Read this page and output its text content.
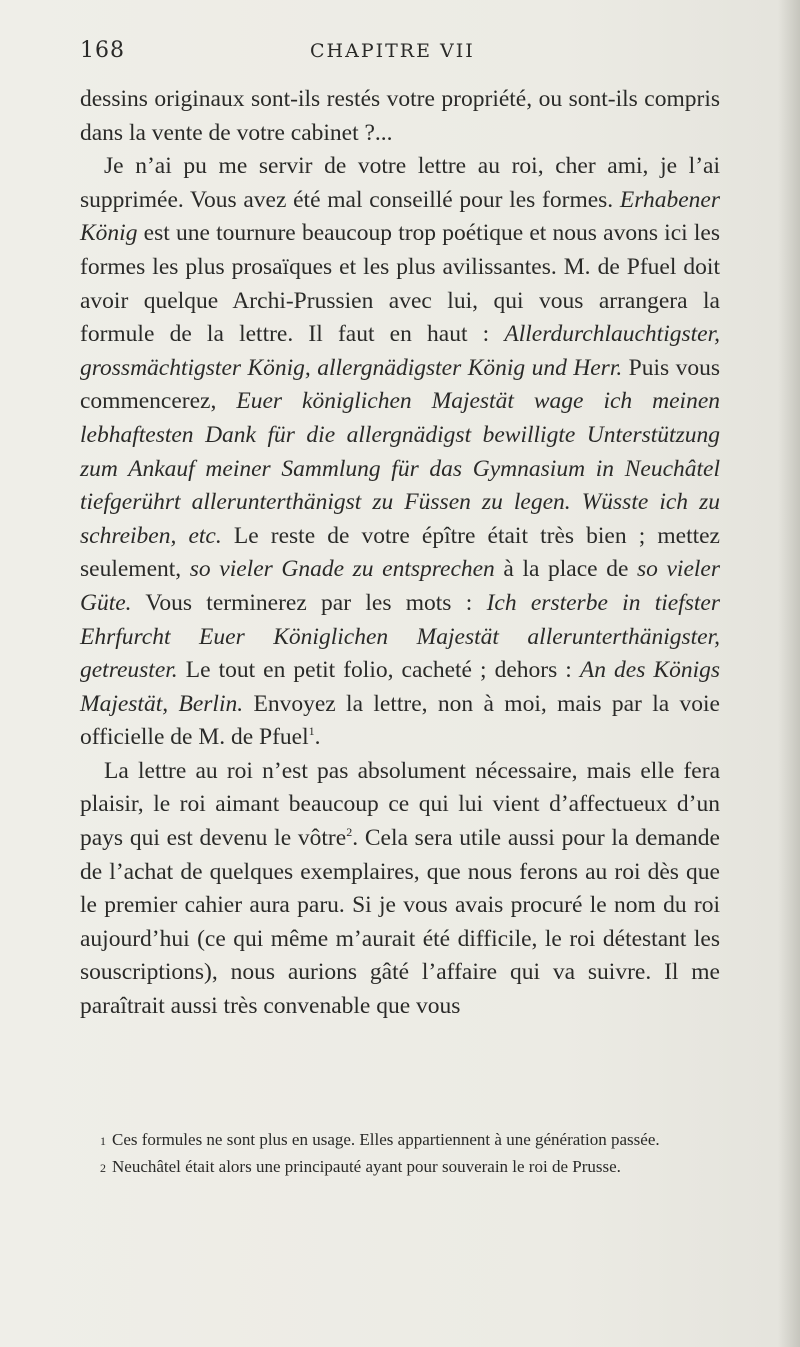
168	CHAPITRE VII

dessins originaux sont-ils restés votre propriété, ou sont-ils compris dans la vente de votre cabinet ?...

Je n’ai pu me servir de votre lettre au roi, cher ami, je l’ai supprimée. Vous avez été mal conseillé pour les formes. Erhabener König est une tournure beaucoup trop poétique et nous avons ici les formes les plus prosaïques et les plus avilissantes. M. de Pfuel doit avoir quelque Archi-Prussien avec lui, qui vous arrangera la formule de la lettre. Il faut en haut : Allerdurchlauchtigster, grossmächtigster König, allergnädigster König und Herr. Puis vous commencerez, Euer königlichen Majestät wage ich meinen lebhaftesten Dank für die allergnädigst bewilligte Unterstützung zum Ankauf meiner Sammlung für das Gymnasium in Neuchâtel tiefgerührt allerunterthänigst zu Füssen zu legen. Wüsste ich zu schreiben, etc. Le reste de votre épître était très bien ; mettez seulement, so vieler Gnade zu entsprechen à la place de so vieler Güte. Vous terminerez par les mots : Ich ersterbe in tiefster Ehrfurcht Euer Königlichen Majestät allerunterthänigster, getreuster. Le tout en petit folio, cacheté ; dehors : An des Königs Majestät, Berlin. Envoyez la lettre, non à moi, mais par la voie officielle de M. de Pfuel$^1$.

La lettre au roi n’est pas absolument nécessaire, mais elle fera plaisir, le roi aimant beaucoup ce qui lui vient d’affectueux d’un pays qui est devenu le vôtre$^2$. Cela sera utile aussi pour la demande de l’achat de quelques exemplaires, que nous ferons au roi dès que le premier cahier aura paru. Si je vous avais procuré le nom du roi aujourd’hui (ce qui même m’aurait été difficile, le roi détestant les souscriptions), nous aurions gâté l’affaire qui va suivre. Il me paraîtrait aussi très convenable que vous

1 Ces formules ne sont plus en usage. Elles appartiennent à une génération passée.

2 Neuchâtel était alors une principauté ayant pour souverain le roi de Prusse.
